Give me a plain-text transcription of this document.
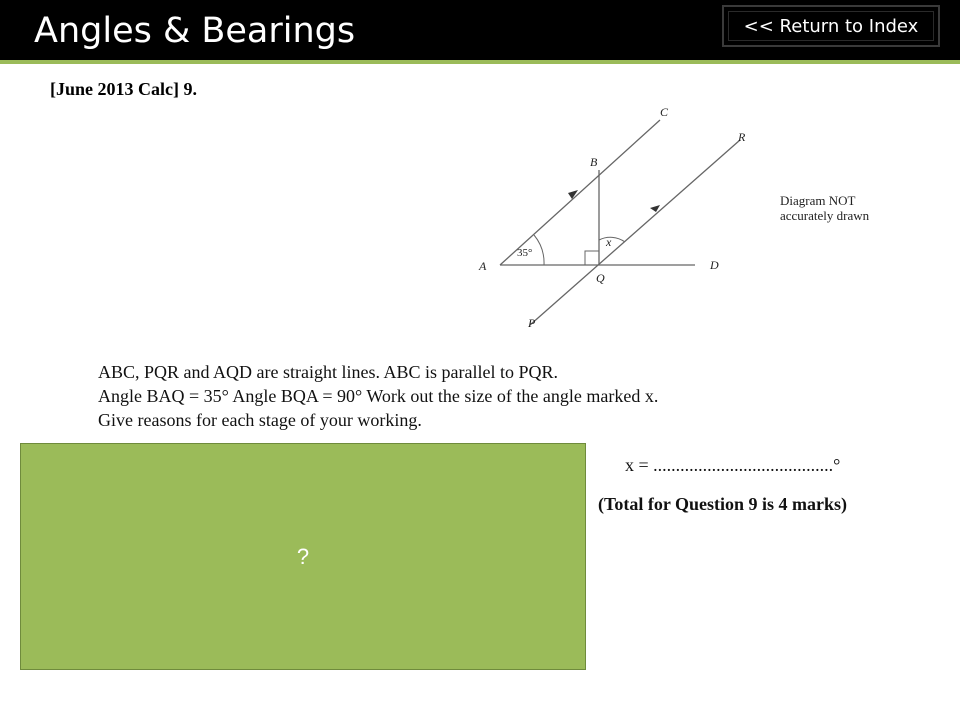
Angles & Bearings	<< Return to Index
[June 2013 Calc] 9.
A
B
C
D
P
Q
R
35°
x
Diagram NOT
accurately drawn
ABC, PQR and AQD are straight lines. ABC is parallel to PQR.
Angle BAQ = 35° Angle BQA = 90° Work out the size of the angle marked x.
Give reasons for each stage of your working.
x = ........................................°
(Total for Question 9 is 4 marks)
?
